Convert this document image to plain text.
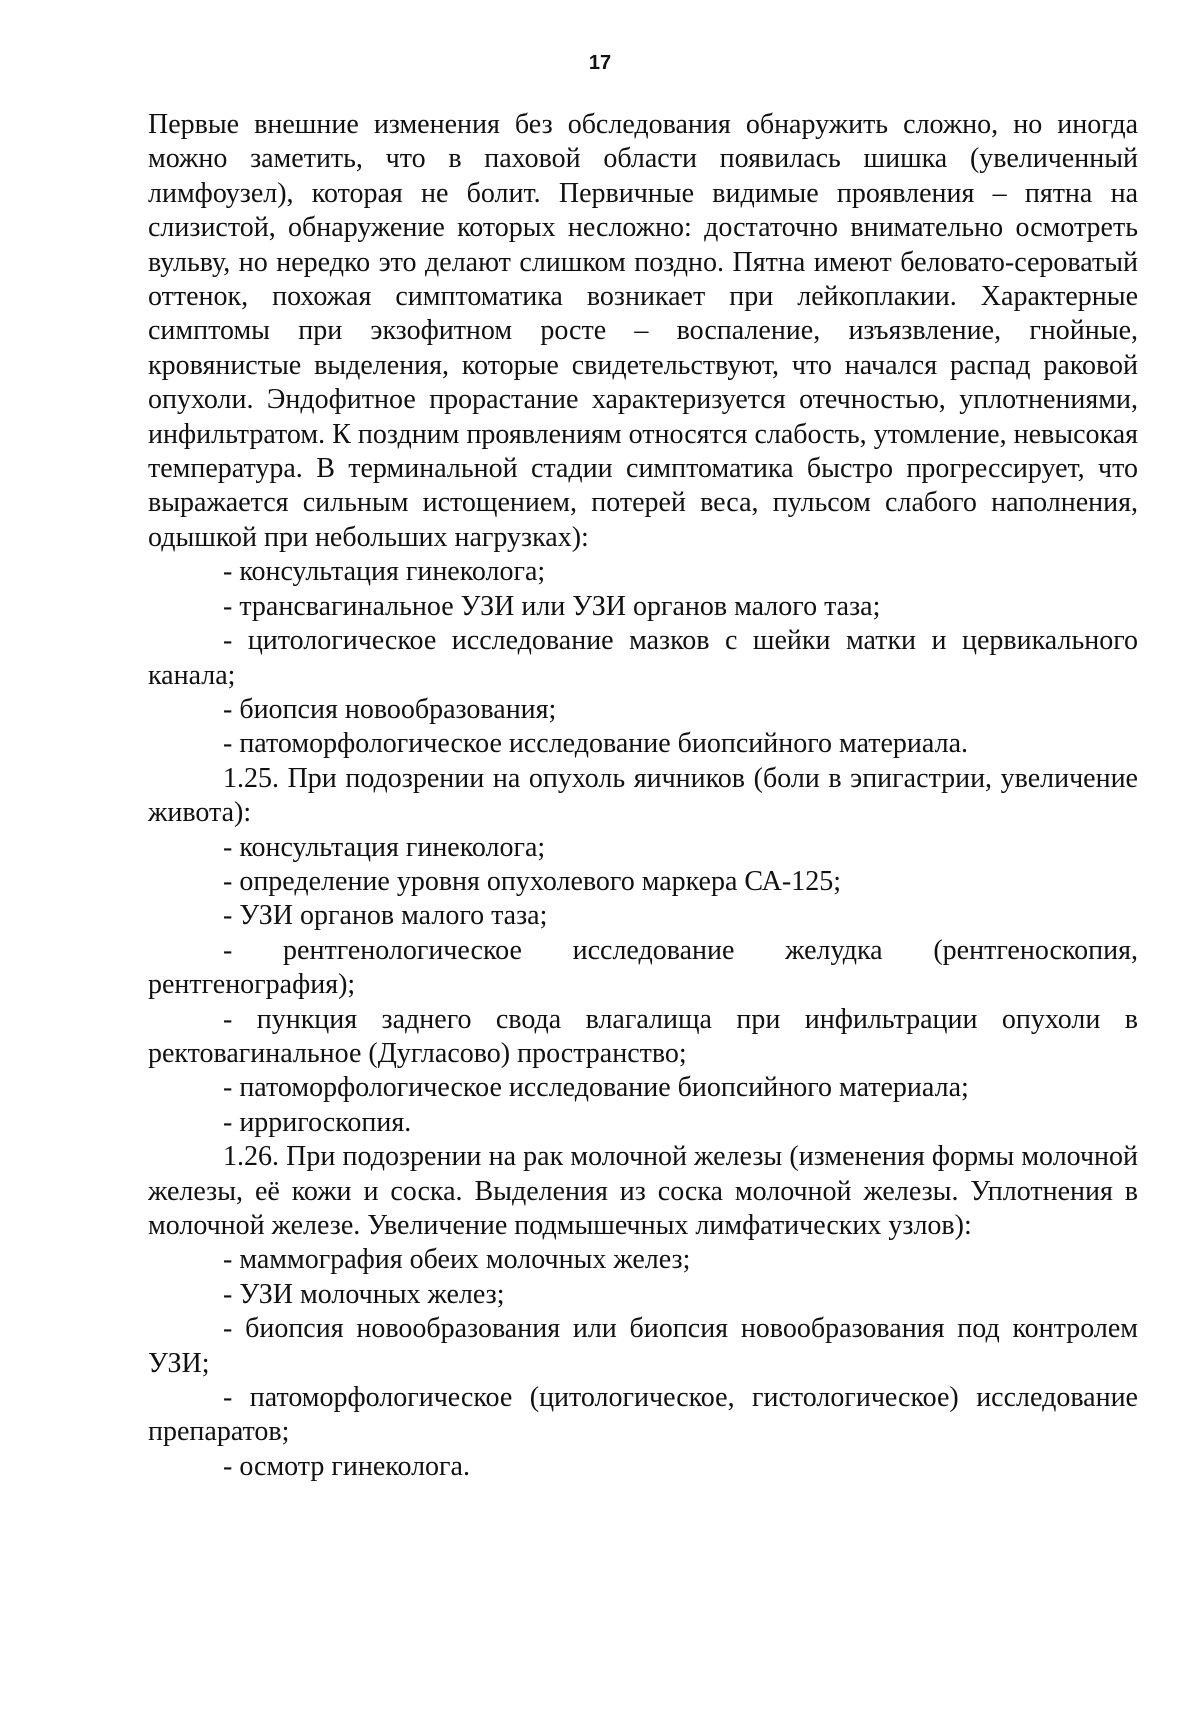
17

Первые внешние изменения без обследования обнаружить сложно, но иногда можно заметить, что в паховой области появилась шишка (увеличенный лимфоузел), которая не болит. Первичные видимые проявления – пятна на слизистой, обнаружение которых несложно: достаточно внимательно осмотреть вульву, но нередко это делают слишком поздно. Пятна имеют беловато-сероватый оттенок, похожая симптоматика возникает при лейкоплакии. Характерные симптомы при экзофитном росте – воспаление, изъязвление, гнойные, кровянистые выделения, которые свидетельствуют, что начался распад раковой опухоли. Эндофитное прорастание характеризуется отечностью, уплотнениями, инфильтратом. К поздним проявлениям относятся слабость, утомление, невысокая температура. В терминальной стадии симптоматика быстро прогрессирует, что выражается сильным истощением, потерей веса, пульсом слабого наполнения, одышкой при небольших нагрузках):

- консультация гинеколога;

- трансвагинальное УЗИ или УЗИ органов малого таза;

- цитологическое исследование мазков с шейки матки и цервикального канала;

- биопсия новообразования;

- патоморфологическое исследование биопсийного материала.

1.25. При подозрении на опухоль яичников (боли в эпигастрии, увеличение живота):

- консультация гинеколога;

- определение уровня опухолевого маркера СА-125;

- УЗИ органов малого таза;

- рентгенологическое исследование желудка (рентгеноскопия, рентгенография);

- пункция заднего свода влагалища при инфильтрации опухоли в ректовагинальное (Дугласово) пространство;

- патоморфологическое исследование биопсийного материала;

- ирригоскопия.

1.26. При подозрении на рак молочной железы (изменения формы молочной железы, её кожи и соска. Выделения из соска молочной железы. Уплотнения в молочной железе. Увеличение подмышечных лимфатических узлов):

- маммография обеих молочных желез;

- УЗИ молочных желез;

- биопсия новообразования или биопсия новообразования под контролем УЗИ;

- патоморфологическое (цитологическое, гистологическое) исследование препаратов;

- осмотр гинеколога.
